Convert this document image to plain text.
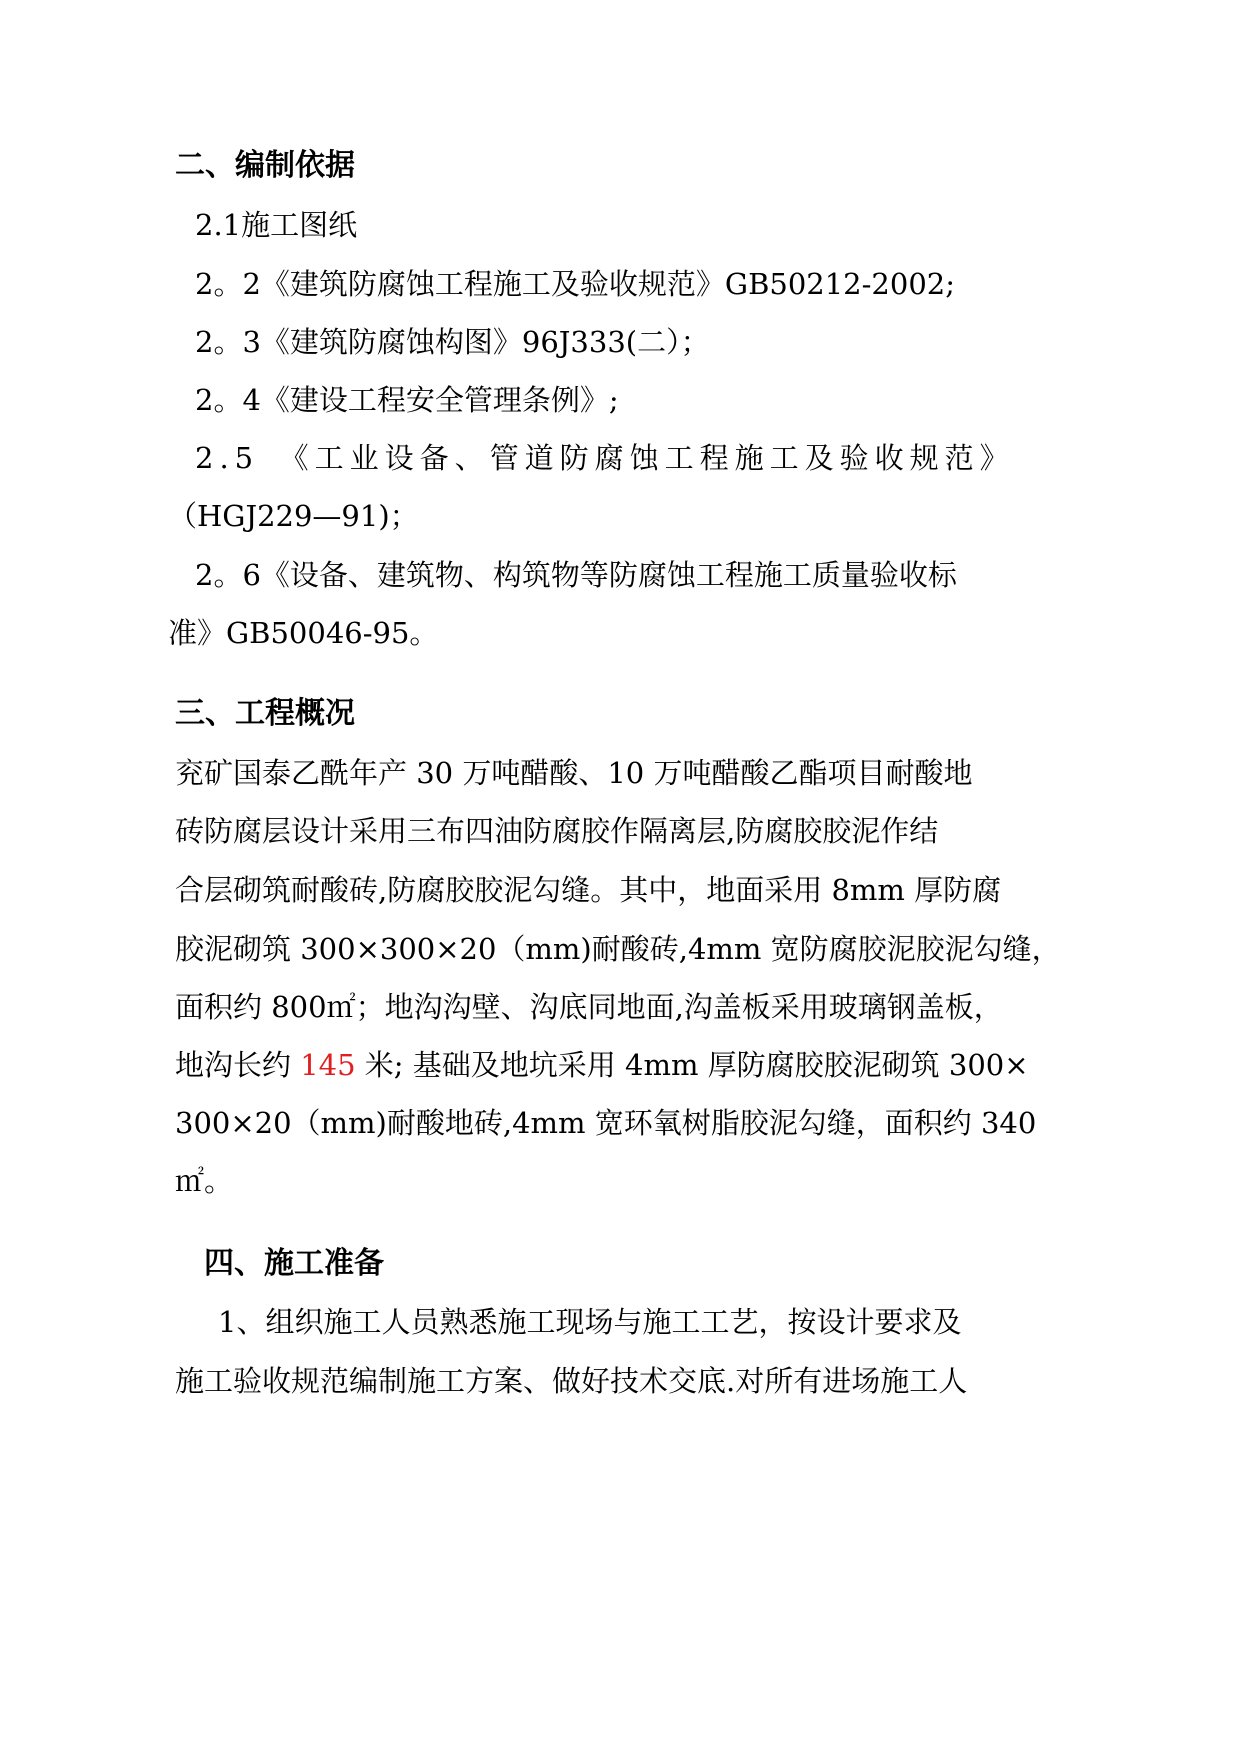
二、编制依据
2.1施工图纸
2。2《建筑防腐蚀工程施工及验收规范》GB50212-2002;
2。3《建筑防腐蚀构图》96J333(二）；
2。4《建设工程安全管理条例》;
2.5　《工业设备、管道防腐蚀工程施工及验收规范》
（HGJ229—91)；
2。6《设备、建筑物、构筑物等防腐蚀工程施工质量验收标
准》GB50046-95。
三、工程概况
兖矿国泰乙酰年产 30 万吨醋酸、10 万吨醋酸乙酯项目耐酸地
砖防腐层设计采用三布四油防腐胶作隔离层,防腐胶胶泥作结
合层砌筑耐酸砖,防腐胶胶泥勾缝。其中，地面采用 8mm 厚防腐
胶泥砌筑 300×300×20（mm)耐酸砖,4mm 宽防腐胶泥胶泥勾缝，
面积约 800㎡；地沟沟壁、沟底同地面,沟盖板采用玻璃钢盖板，
地沟长约 145 米; 基础及地坑采用 4mm 厚防腐胶胶泥砌筑 300×
300×20（mm)耐酸地砖,4mm 宽环氧树脂胶泥勾缝，面积约 340
㎡。
四、施工准备
1、组织施工人员熟悉施工现场与施工工艺，按设计要求及
施工验收规范编制施工方案、做好技术交底.对所有进场施工人
